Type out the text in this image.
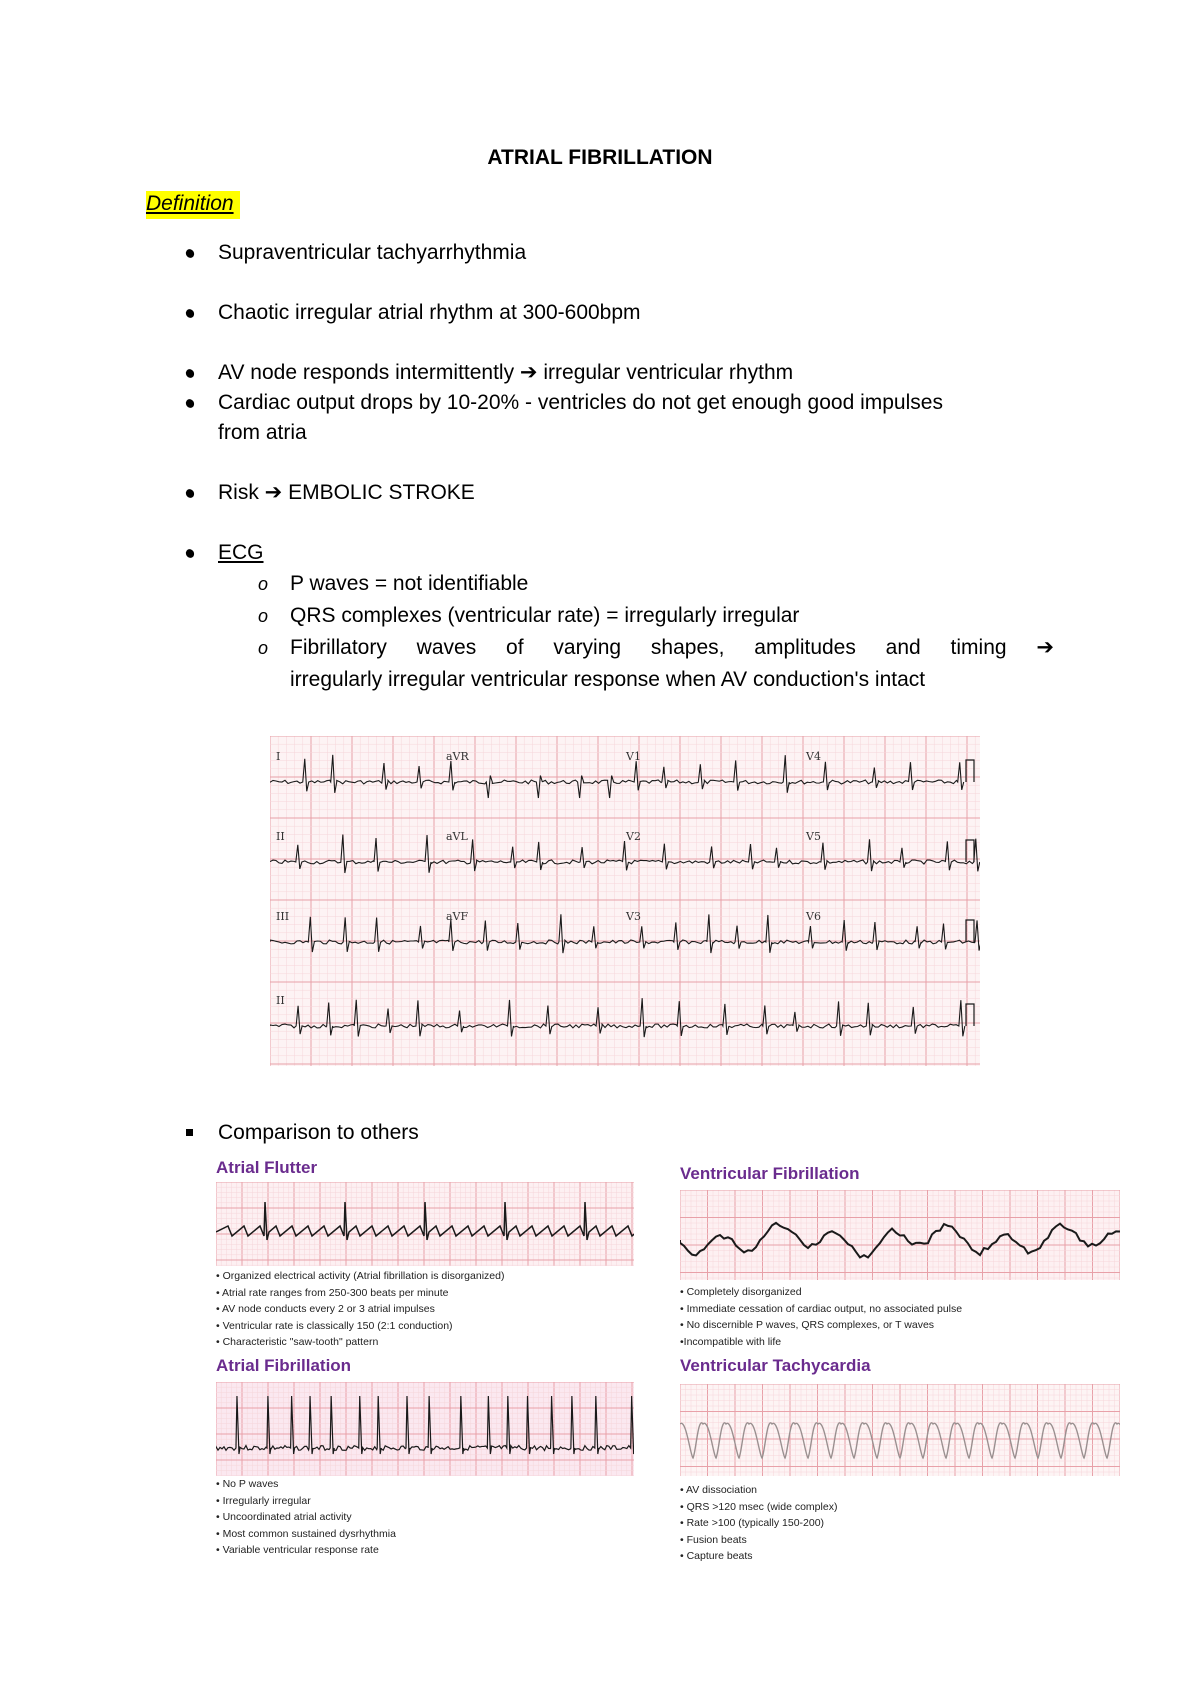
ATRIAL FIBRILLATION
Definition
Supraventricular tachyarrhythmia
Chaotic irregular atrial rhythm at 300-600bpm
AV node responds intermittently ➔ irregular ventricular rhythm
Cardiac output drops by 10-20% - ventricles do not get enough good impulses
from atria
Risk ➔ EMBOLIC STROKE
ECG
o P waves = not identifiable
o QRS complexes (ventricular rate) = irregularly irregular
o Fibrillatory waves of varying shapes, amplitudes and timing ➔
irregularly irregular ventricular response when AV conduction's intact
I	aVR	V1	V4
II	aVL	V2	V5
III	aVF	V3	V6
II
Comparison to others
Atrial Flutter
• Organized electrical activity (Atrial fibrillation is disorganized)
• Atrial rate ranges from 250-300 beats per minute
• AV node conducts every 2 or 3 atrial impulses
• Ventricular rate is classically 150 (2:1 conduction)
• Characteristic "saw-tooth" pattern
Ventricular Fibrillation
• Completely disorganized
• Immediate cessation of cardiac output, no associated pulse
• No discernible P waves, QRS complexes, or T waves
•Incompatible with life
Atrial Fibrillation
• No P waves
• Irregularly irregular
• Uncoordinated atrial activity
• Most common sustained dysrhythmia
• Variable ventricular response rate
Ventricular Tachycardia
• AV dissociation
• QRS >120 msec (wide complex)
• Rate >100 (typically 150-200)
• Fusion beats
• Capture beats
